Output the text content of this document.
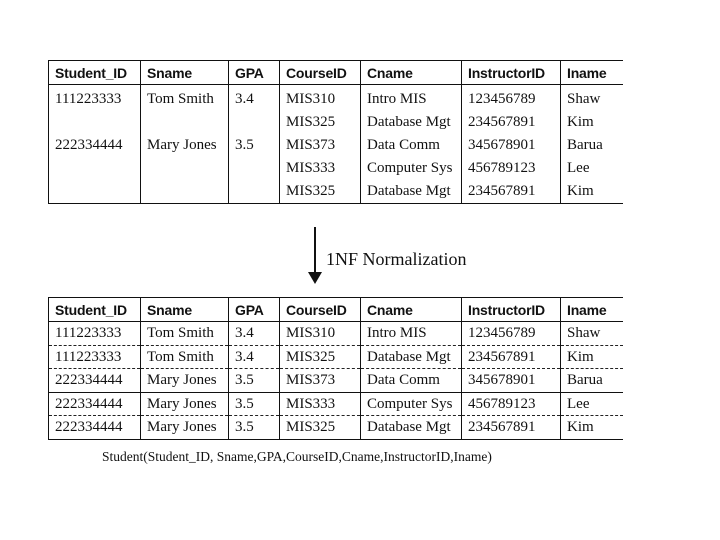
Student_ID	Sname	GPA	CourseID	Cname	InstructorID	Iname
111223333	Tom Smith	3.4	MIS310	Intro MIS	123456789	Shaw
			MIS325	Database Mgt	234567891	Kim
222334444	Mary Jones	3.5	MIS373	Data Comm	345678901	Barua
			MIS333	Computer Sys	456789123	Lee
			MIS325	Database Mgt	234567891	Kim
1NF Normalization
Student_ID	Sname	GPA	CourseID	Cname	InstructorID	Iname
111223333	Tom Smith	3.4	MIS310	Intro MIS	123456789	Shaw
111223333	Tom Smith	3.4	MIS325	Database Mgt	234567891	Kim
222334444	Mary Jones	3.5	MIS373	Data Comm	345678901	Barua
222334444	Mary Jones	3.5	MIS333	Computer Sys	456789123	Lee
222334444	Mary Jones	3.5	MIS325	Database Mgt	234567891	Kim
Student(Student_ID, Sname,GPA,CourseID,Cname,InstructorID,Iname)
